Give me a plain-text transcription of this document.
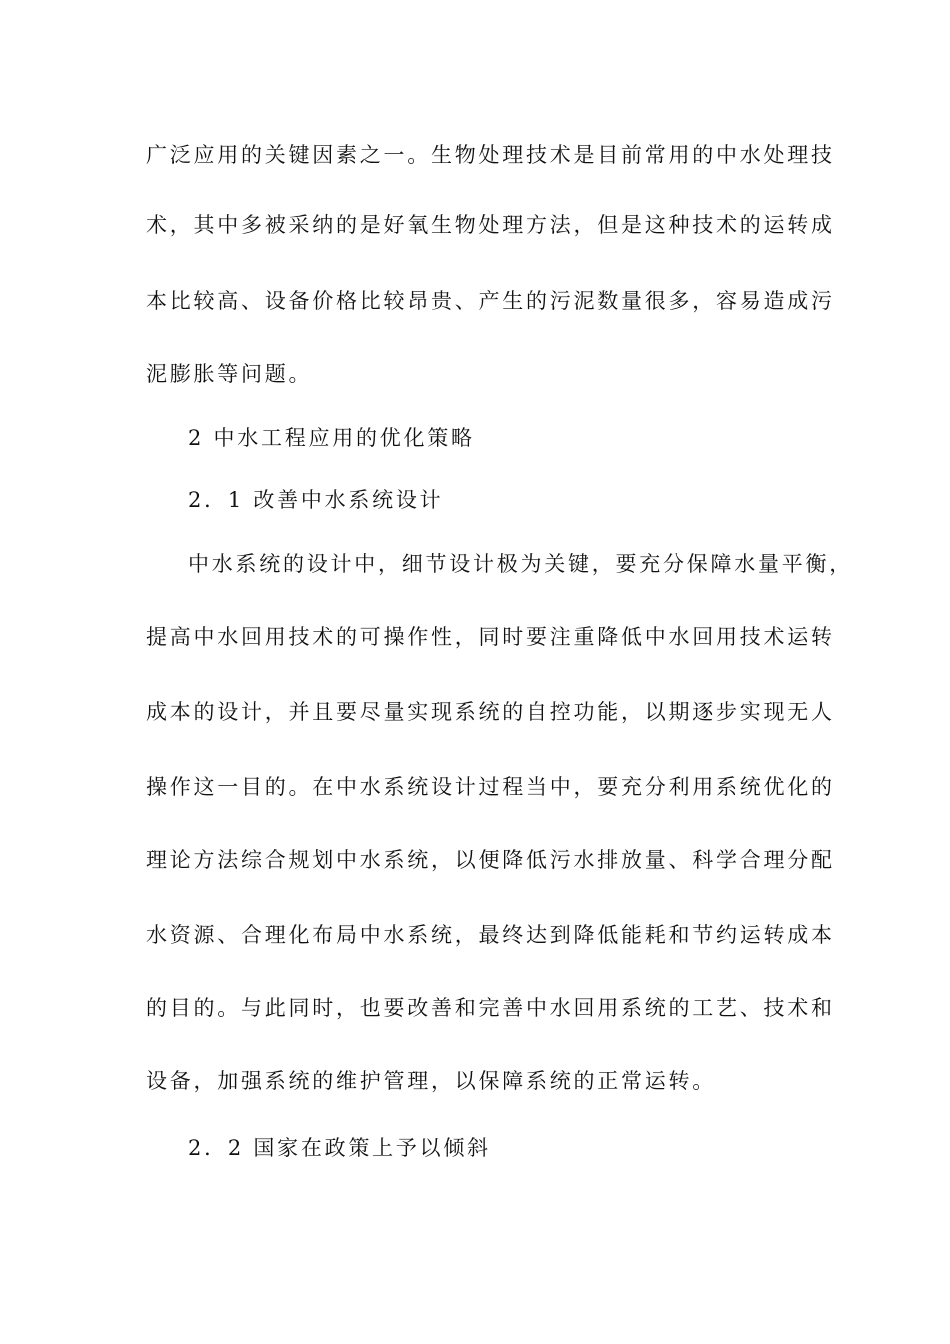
广泛应用的关键因素之一。生物处理技术是目前常用的中水处理技
术，其中多被采纳的是好氧生物处理方法，但是这种技术的运转成
本比较高、设备价格比较昂贵、产生的污泥数量很多，容易造成污
泥膨胀等问题。
2 中水工程应用的优化策略
2．1 改善中水系统设计
中水系统的设计中，细节设计极为关键，要充分保障水量平衡，
提高中水回用技术的可操作性，同时要注重降低中水回用技术运转
成本的设计，并且要尽量实现系统的自控功能，以期逐步实现无人
操作这一目的。在中水系统设计过程当中，要充分利用系统优化的
理论方法综合规划中水系统，以便降低污水排放量、科学合理分配
水资源、合理化布局中水系统，最终达到降低能耗和节约运转成本
的目的。与此同时，也要改善和完善中水回用系统的工艺、技术和
设备，加强系统的维护管理，以保障系统的正常运转。
2．2 国家在政策上予以倾斜
